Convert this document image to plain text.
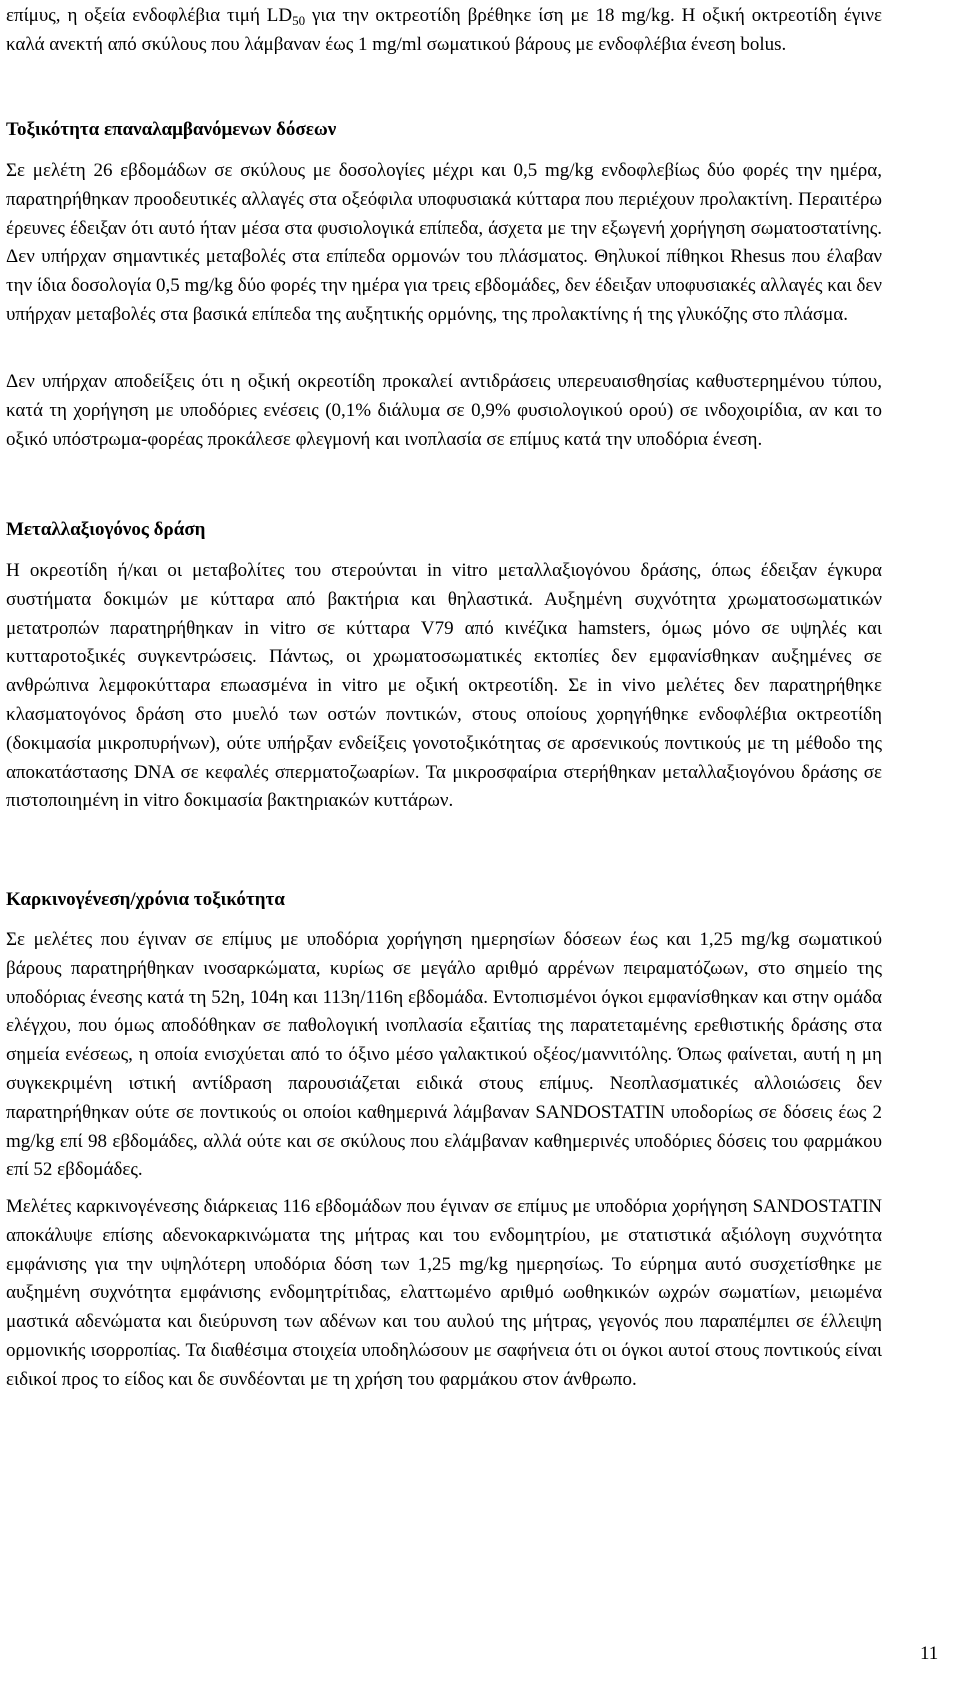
επίμυς, η οξεία ενδοφλέβια τιμή $LD_{50}$ για την οκτρεοτίδη βρέθηκε ίση με 18 mg/kg. Η οξική οκτρεοτίδη έγινε καλά ανεκτή από σκύλους που λάμβαναν έως 1 mg/ml σωματικού βάρους με ενδοφλέβια ένεση bolus.

Τοξικότητα επαναλαμβανόμενων δόσεων

Σε μελέτη 26 εβδομάδων σε σκύλους με δοσολογίες μέχρι και 0,5 mg/kg ενδοφλεβίως δύο φορές την ημέρα, παρατηρήθηκαν προοδευτικές αλλαγές στα οξεόφιλα υποφυσιακά κύτταρα που περιέχουν προλακτίνη. Περαιτέρω έρευνες έδειξαν ότι αυτό ήταν μέσα στα φυσιολογικά επίπεδα, άσχετα με την εξωγενή χορήγηση σωματοστατίνης. Δεν υπήρχαν σημαντικές μεταβολές στα επίπεδα ορμονών του πλάσματος. Θηλυκοί πίθηκοι Rhesus που έλαβαν την ίδια δοσολογία 0,5 mg/kg δύο φορές την ημέρα για τρεις εβδομάδες, δεν έδειξαν υποφυσιακές αλλαγές και δεν υπήρχαν μεταβολές στα βασικά επίπεδα της αυξητικής ορμόνης, της προλακτίνης ή της γλυκόζης στο πλάσμα.

Δεν υπήρχαν αποδείξεις ότι η οξική οκρεοτίδη προκαλεί αντιδράσεις υπερευαισθησίας καθυστερημένου τύπου, κατά τη χορήγηση με υποδόριες ενέσεις (0,1% διάλυμα σε 0,9% φυσιολογικού ορού) σε ινδοχοιρίδια, αν και το οξικό υπόστρωμα-φορέας προκάλεσε φλεγμονή και ινοπλασία σε επίμυς κατά την υποδόρια ένεση.

Μεταλλαξιογόνος δράση

Η οκρεοτίδη ή/και οι μεταβολίτες του στερούνται in vitro μεταλλαξιογόνου δράσης, όπως έδειξαν έγκυρα συστήματα δοκιμών με κύτταρα από βακτήρια και θηλαστικά. Αυξημένη συχνότητα χρωματοσωματικών μετατροπών παρατηρήθηκαν in vitro σε κύτταρα V79 από κινέζικα hamsters, όμως μόνο σε υψηλές και κυτταροτοξικές συγκεντρώσεις. Πάντως, οι χρωματοσωματικές εκτοπίες δεν εμφανίσθηκαν αυξημένες σε ανθρώπινα λεμφοκύτταρα επωασμένα in vitro με οξική οκτρεοτίδη. Σε in vivo μελέτες δεν παρατηρήθηκε κλασματογόνος δράση στο μυελό των οστών ποντικών, στους οποίους χορηγήθηκε ενδοφλέβια οκτρεοτίδη (δοκιμασία μικροπυρήνων), ούτε υπήρξαν ενδείξεις γονοτοξικότητας σε αρσενικούς ποντικούς με τη μέθοδο της αποκατάστασης DNA σε κεφαλές σπερματοζωαρίων. Τα μικροσφαίρια στερήθηκαν μεταλλαξιογόνου δράσης σε πιστοποιημένη in vitro δοκιμασία βακτηριακών κυττάρων.

Καρκινογένεση/χρόνια τοξικότητα

Σε μελέτες που έγιναν σε επίμυς με υποδόρια χορήγηση ημερησίων δόσεων έως και 1,25 mg/kg σωματικού βάρους παρατηρήθηκαν ινοσαρκώματα, κυρίως σε μεγάλο αριθμό αρρένων πειραματόζωων, στο σημείο της υποδόριας ένεσης κατά τη 52η, 104η και 113η/116η εβδομάδα. Εντοπισμένοι όγκοι εμφανίσθηκαν και στην ομάδα ελέγχου, που όμως αποδόθηκαν σε παθολογική ινοπλασία εξαιτίας της παρατεταμένης ερεθιστικής δράσης στα σημεία ενέσεως, η οποία ενισχύεται από το όξινο μέσο γαλακτικού οξέος/μαννιτόλης. Όπως φαίνεται, αυτή η μη συγκεκριμένη ιστική αντίδραση παρουσιάζεται ειδικά στους επίμυς. Νεοπλασματικές αλλοιώσεις δεν παρατηρήθηκαν ούτε σε ποντικούς οι οποίοι καθημερινά λάμβαναν SANDOSTATIN υποδορίως σε δόσεις έως 2 mg/kg επί 98 εβδομάδες, αλλά ούτε και σε σκύλους που ελάμβαναν καθημερινές υποδόριες δόσεις του φαρμάκου επί 52 εβδομάδες.

Μελέτες καρκινογένεσης διάρκειας 116 εβδομάδων που έγιναν σε επίμυς με υποδόρια χορήγηση SANDOSTATIN αποκάλυψε επίσης αδενοκαρκινώματα της μήτρας και του ενδομητρίου, με στατιστικά αξιόλογη συχνότητα εμφάνισης για την υψηλότερη υποδόρια δόση των 1,25 mg/kg ημερησίως. Το εύρημα αυτό συσχετίσθηκε με αυξημένη συχνότητα εμφάνισης ενδομητρίτιδας, ελαττωμένο αριθμό ωοθηκικών ωχρών σωματίων, μειωμένα μαστικά αδενώματα και διεύρυνση των αδένων και του αυλού της μήτρας, γεγονός που παραπέμπει σε έλλειψη ορμονικής ισορροπίας. Τα διαθέσιμα στοιχεία υποδηλώσουν με σαφήνεια ότι οι όγκοι αυτοί στους ποντικούς είναι ειδικοί προς το είδος και δε συνδέονται με τη χρήση του φαρμάκου στον άνθρωπο.

11
